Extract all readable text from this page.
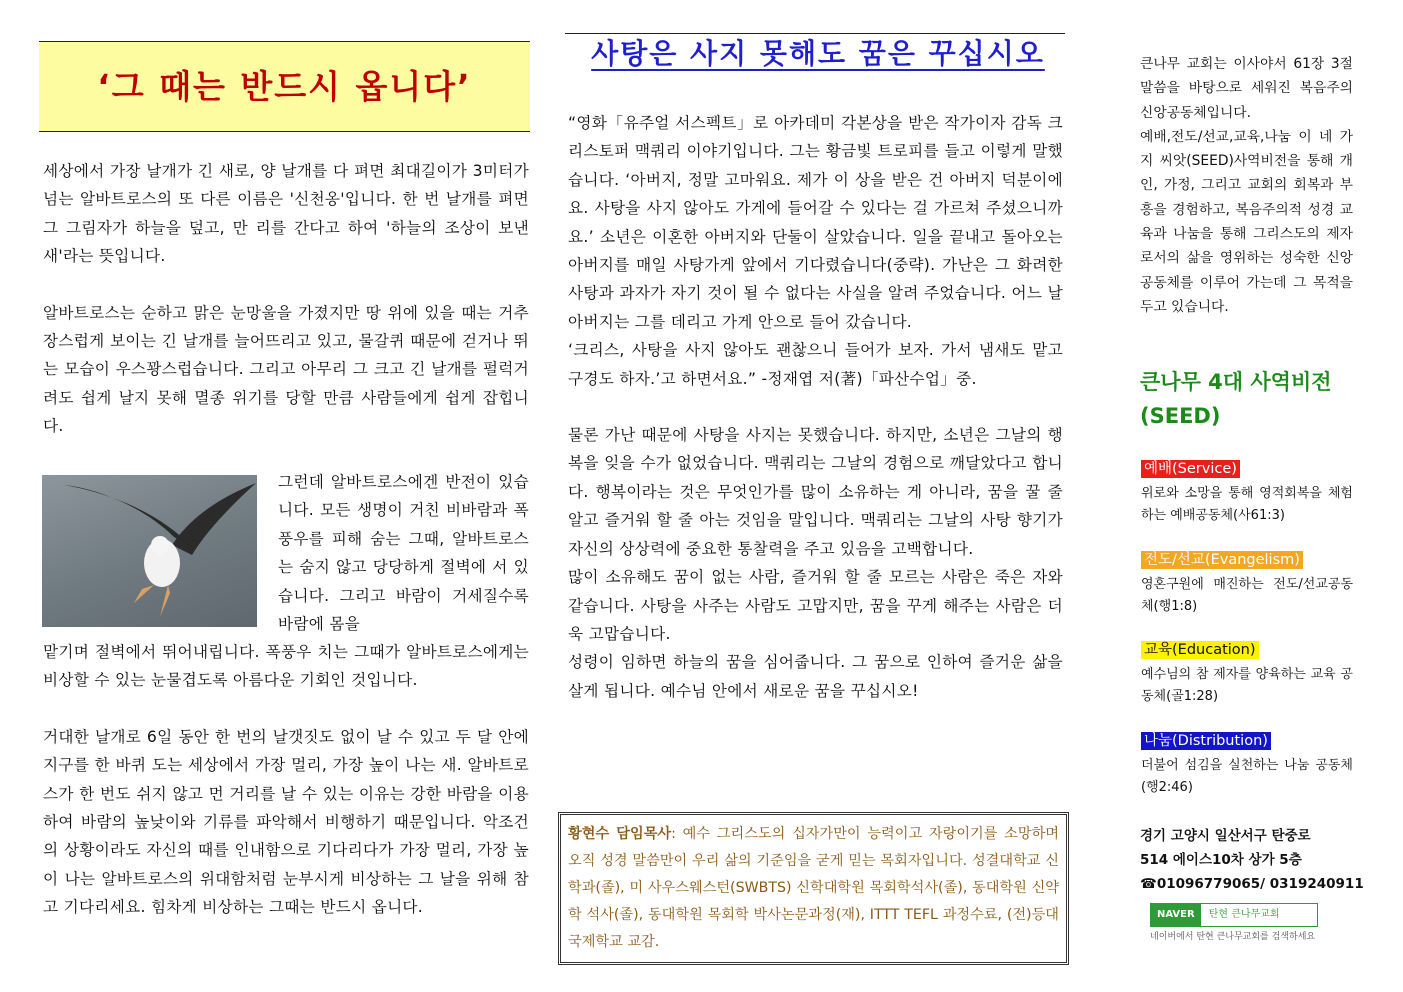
‘그 때는 반드시 옵니다’

세상에서 가장 날개가 긴 새로, 양 날개를 다 펴면 최대길이가 3미터가 넘는 알바트로스의 또 다른 이름은 '신천옹'입니다. 한 번 날개를 펴면 그 그림자가 하늘을 덮고, 만 리를 간다고 하여 '하늘의 조상이 보낸 새'라는 뜻입니다.

알바트로스는 순하고 맑은 눈망울을 가졌지만 땅 위에 있을 때는 거추장스럽게 보이는 긴 날개를 늘어뜨리고 있고, 물갈퀴 때문에 걷거나 뛰는 모습이 우스꽝스럽습니다. 그리고 아무리 그 크고 긴 날개를 펄럭거려도 쉽게 날지 못해 멸종 위기를 당할 만큼 사람들에게 쉽게 잡힙니다.

그런데 알바트로스에겐 반전이 있습니다. 모든 생명이 거친 비바람과 폭풍우를 피해 숨는 그때, 알바트로스는 숨지 않고 당당하게 절벽에 서 있습니다. 그리고 바람이 거세질수록 바람에 몸을

맡기며 절벽에서 뛰어내립니다. 폭풍우 치는 그때가 알바트로스에게는 비상할 수 있는 눈물겹도록 아름다운 기회인 것입니다.

거대한 날개로 6일 동안 한 번의 날갯짓도 없이 날 수 있고 두 달 안에 지구를 한 바퀴 도는 세상에서 가장 멀리, 가장 높이 나는 새. 알바트로스가 한 번도 쉬지 않고 먼 거리를 날 수 있는 이유는 강한 바람을 이용하여 바람의 높낮이와 기류를 파악해서 비행하기 때문입니다. 악조건의 상황이라도 자신의 때를 인내함으로 기다리다가 가장 멀리, 가장 높이 나는 알바트로스의 위대함처럼 눈부시게 비상하는 그 날을 위해 참고 기다리세요. 힘차게 비상하는 그때는 반드시 옵니다.

사탕은 사지 못해도 꿈은 꾸십시오

“영화「유주얼 서스펙트」로 아카데미 각본상을 받은 작가이자 감독 크리스토퍼 맥쿼리 이야기입니다. 그는 황금빛 트로피를 들고 이렇게 말했습니다. ‘아버지, 정말 고마워요. 제가 이 상을 받은 건 아버지 덕분이에요. 사탕을 사지 않아도 가게에 들어갈 수 있다는 걸 가르쳐 주셨으니까요.’ 소년은 이혼한 아버지와 단둘이 살았습니다. 일을 끝내고 돌아오는 아버지를 매일 사탕가게 앞에서 기다렸습니다(중략). 가난은 그 화려한 사탕과 과자가 자기 것이 될 수 없다는 사실을 알려 주었습니다. 어느 날 아버지는 그를 데리고 가게 안으로 들어 갔습니다.

‘크리스, 사탕을 사지 않아도 괜찮으니 들어가 보자. 가서 냄새도 맡고 구경도 하자.’고 하면서요.” -정재엽 저(著)「파산수업」중.

물론 가난 때문에 사탕을 사지는 못했습니다. 하지만, 소년은 그날의 행복을 잊을 수가 없었습니다. 맥쿼리는 그날의 경험으로 깨달았다고 합니다. 행복이라는 것은 무엇인가를 많이 소유하는 게 아니라, 꿈을 꿀 줄 알고 즐거워 할 줄 아는 것임을 말입니다. 맥쿼리는 그날의 사탕 향기가 자신의 상상력에 중요한 통찰력을 주고 있음을 고백합니다.

많이 소유해도 꿈이 없는 사람, 즐거워 할 줄 모르는 사람은 죽은 자와 같습니다. 사탕을 사주는 사람도 고맙지만, 꿈을 꾸게 해주는 사람은 더욱 고맙습니다.

성령이 임하면 하늘의 꿈을 심어줍니다. 그 꿈으로 인하여 즐거운 삶을 살게 됩니다. 예수님 안에서 새로운 꿈을 꾸십시오!

황현수 담임목사: 예수 그리스도의 십자가만이 능력이고 자랑이기를 소망하며 오직 성경 말씀만이 우리 삶의 기준임을 굳게 믿는 목회자입니다. 성결대학교 신학과(졸), 미 사우스웨스턴(SWBTS) 신학대학원 목회학석사(졸), 동대학원 신약학 석사(졸), 동대학원 목회학 박사논문과정(재), ITTT TEFL 과정수료, (전)등대국제학교 교감.

큰나무 교회는 이사야서 61장 3절 말씀을 바탕으로 세워진 복음주의 신앙공동체입니다.

예배,전도/선교,교육,나눔 이 네 가지 씨앗(SEED)사역비전을 통해 개인, 가정, 그리고 교회의 회복과 부흥을 경험하고, 복음주의적 성경 교육과 나눔을 통해 그리스도의 제자로서의 삶을 영위하는 성숙한 신앙공동체를 이루어 가는데 그 목적을 두고 있습니다.

큰나무 4대 사역비전
(SEED)
예배(Service)

위로와 소망을 통해 영적회복을 체험하는 예배공동체(사61:3)

전도/선교(Evangelism)

영혼구원에 매진하는 전도/선교공동체(행1:8)

교육(Education)

예수님의 참 제자를 양육하는 교육 공동체(골1:28)

나눔(Distribution)

더불어 섬김을 실천하는 나눔 공동체(행2:46)

경기 고양시 일산서구 탄중로
514 에이스10차 상가 5층
☎01096779065/ 0319240911
NAVER	탄현 큰나무교회
네이버에서 탄현 큰나무교회를 검색하세요
